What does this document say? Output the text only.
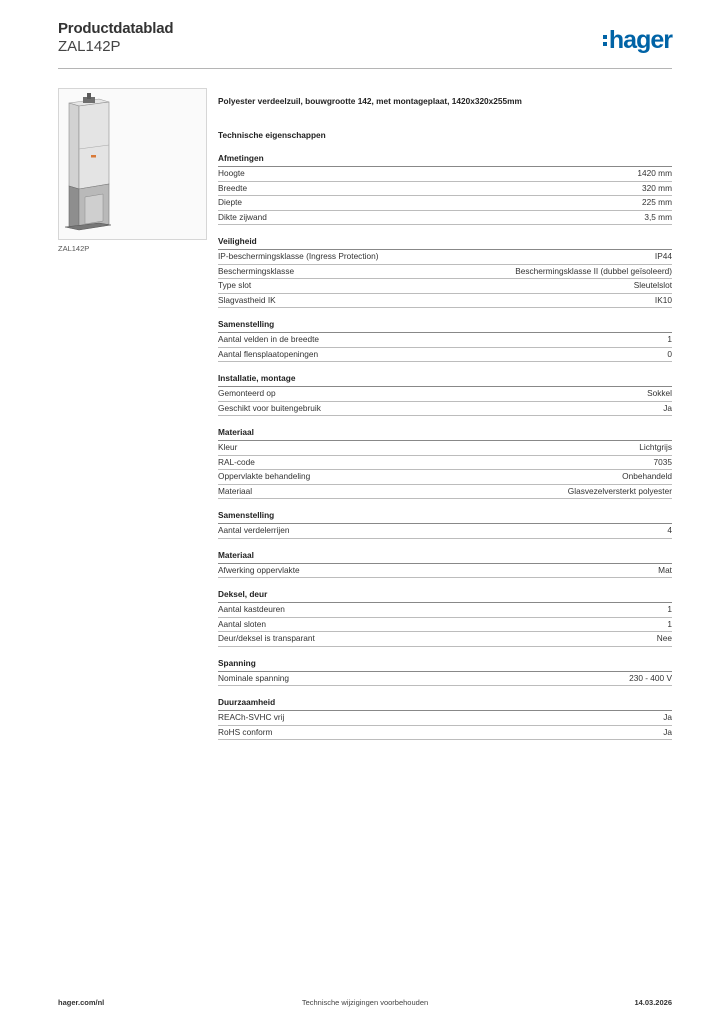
Productdatablad
ZAL142P	hager
ZAL142P
Polyester verdeelzuil, bouwgrootte 142, met montageplaat, 1420x320x255mm
Technische eigenschappen
Afmetingen
Hoogte	1420 mm
Breedte	320 mm
Diepte	225 mm
Dikte zijwand	3,5 mm
Veiligheid
IP-beschermingsklasse (Ingress Protection)	IP44
Beschermingsklasse	Beschermingsklasse II (dubbel geïsoleerd)
Type slot	Sleutelslot
Slagvastheid IK	IK10
Samenstelling
Aantal velden in de breedte	1
Aantal flensplaatopeningen	0
Installatie, montage
Gemonteerd op	Sokkel
Geschikt voor buitengebruik	Ja
Materiaal
Kleur	Lichtgrijs
RAL-code	7035
Oppervlakte behandeling	Onbehandeld
Materiaal	Glasvezelversterkt polyester
Samenstelling
Aantal verdelerrijen	4
Materiaal
Afwerking oppervlakte	Mat
Deksel, deur
Aantal kastdeuren	1
Aantal sloten	1
Deur/deksel is transparant	Nee
Spanning
Nominale spanning	230 - 400 V
Duurzaamheid
REACh-SVHC vrij	Ja
RoHS conform	Ja
hager.com/nl	Technische wijzigingen voorbehouden	14.03.2026
